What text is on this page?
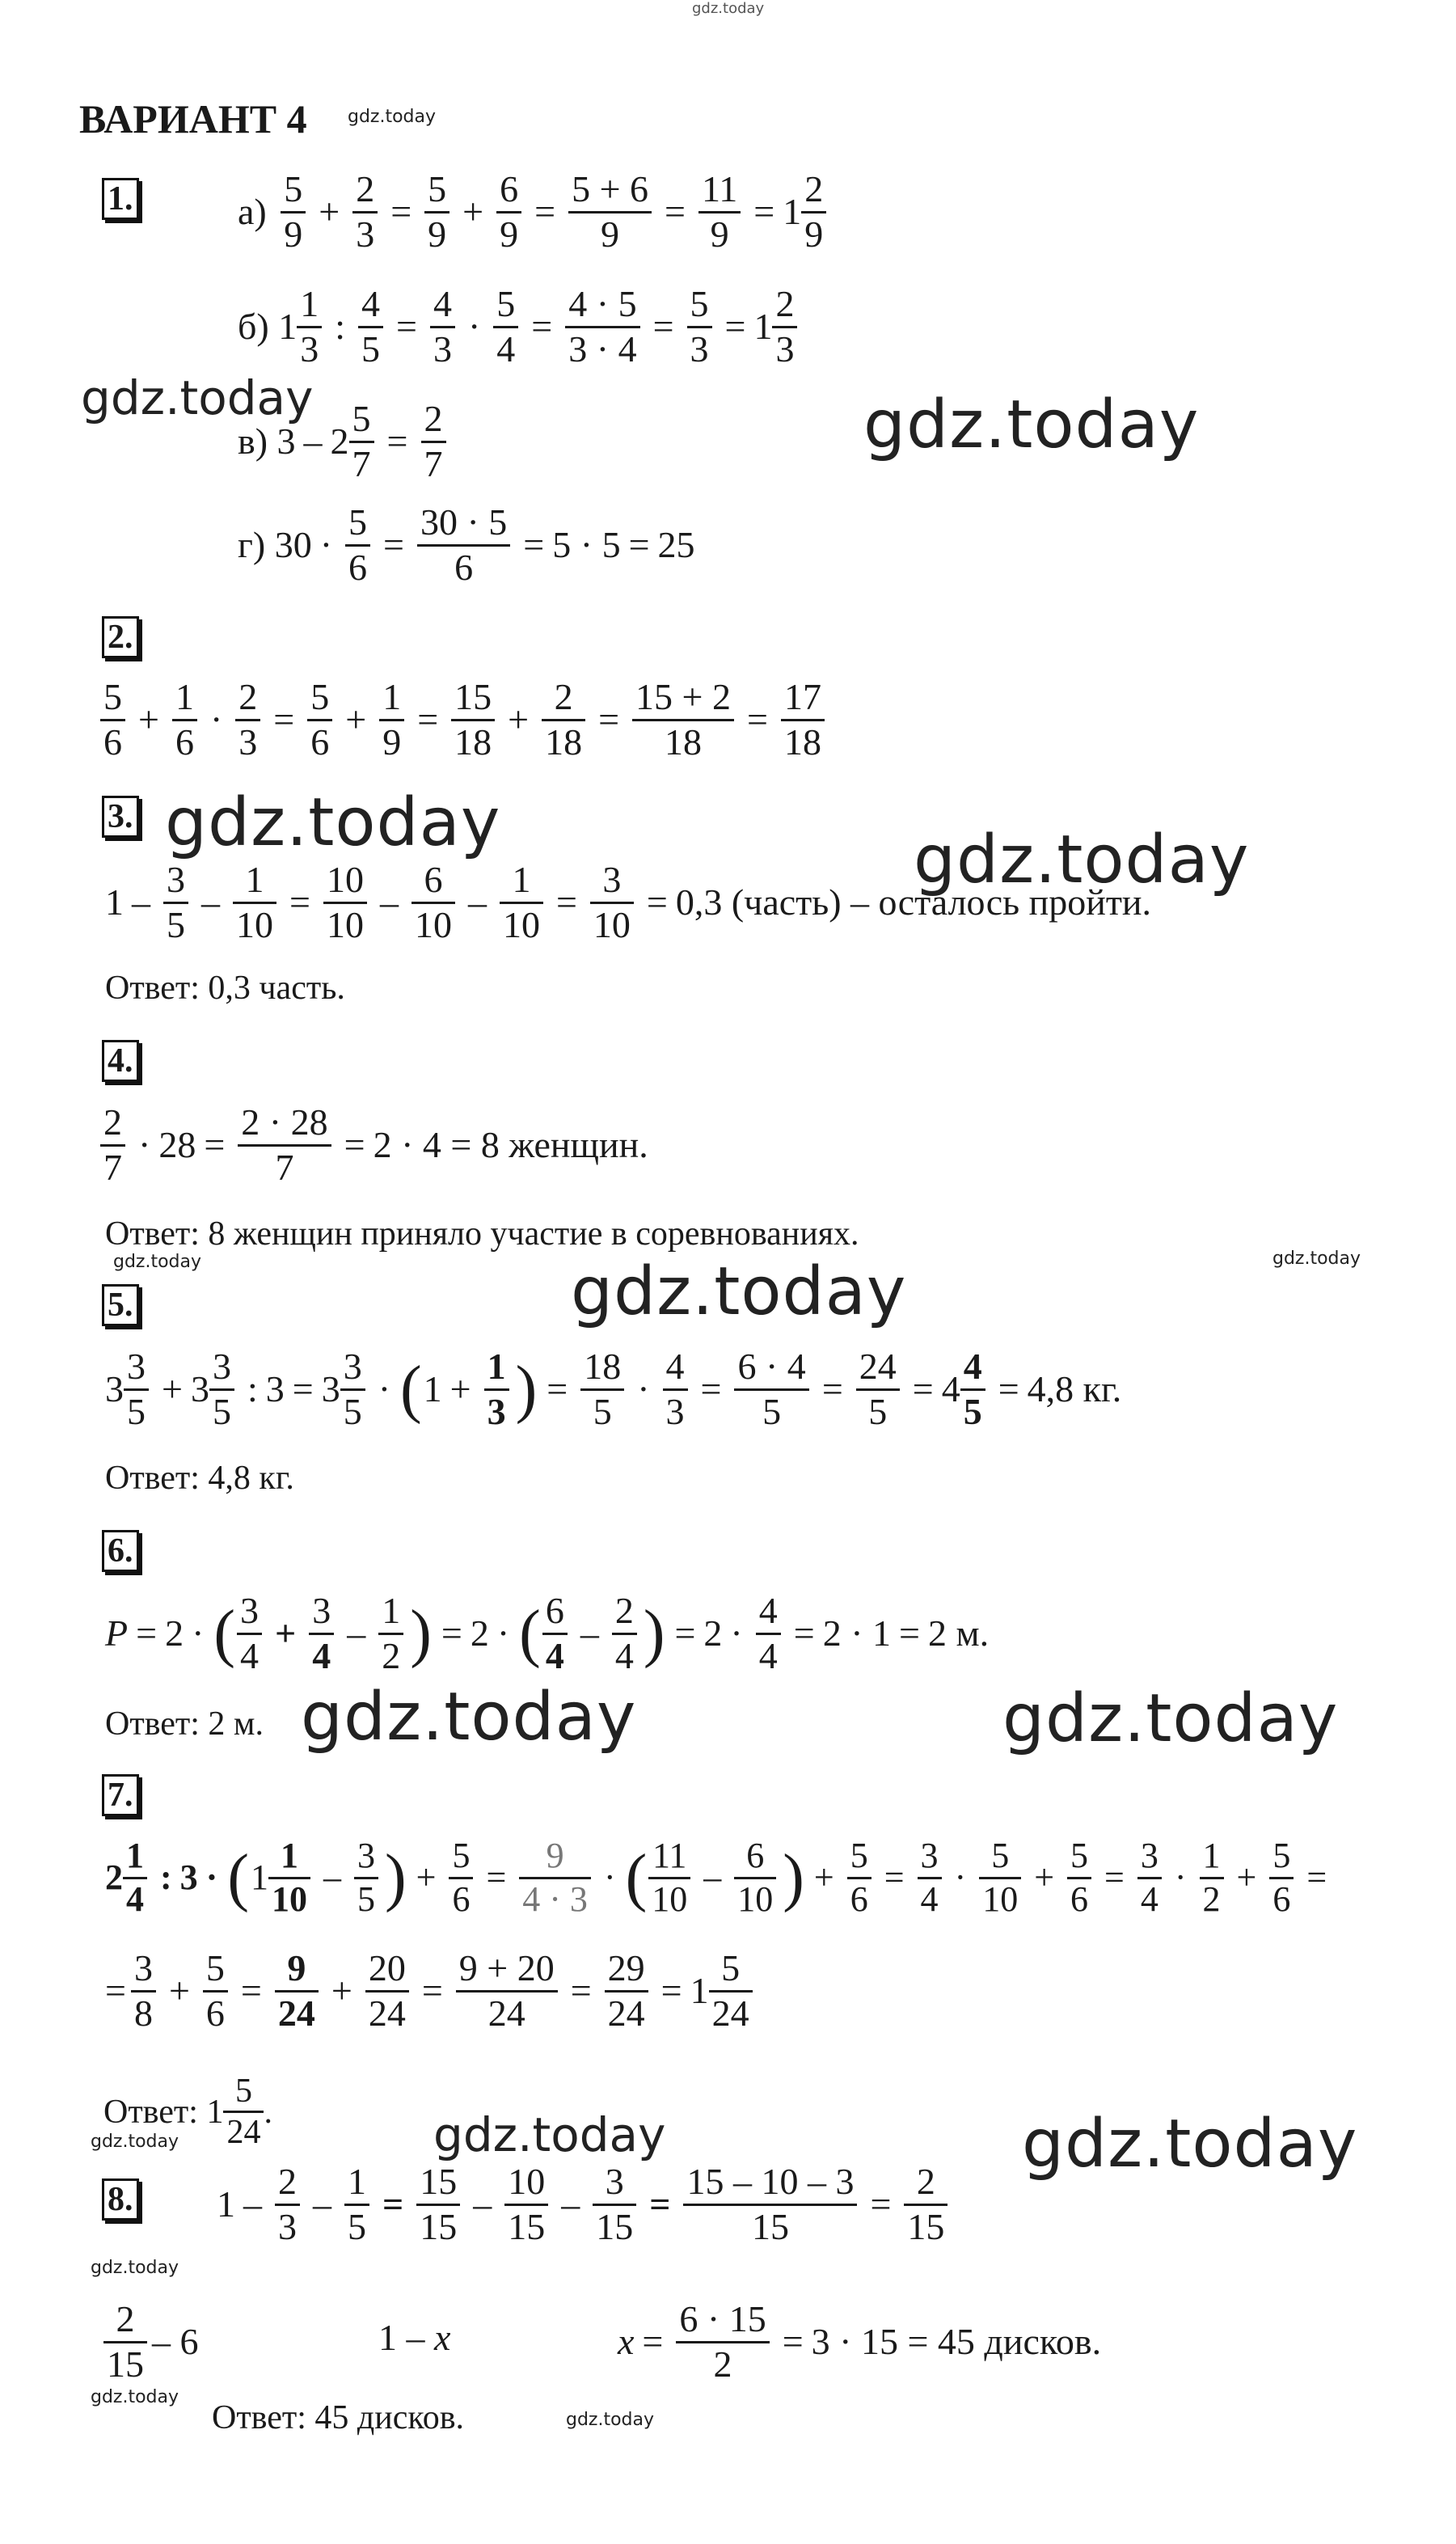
gdz.today
gdz.today
gdz.today	gdz.today
gdz.today	gdz.today
gdz.today	gdz.today
gdz.today
gdz.today	gdz.today
gdz.today	gdz.today	gdz.today
gdz.today
gdz.today
gdz.today
ВАРИАНТ 4
1.	а)
$\frac{5}{9} + \frac{2}{3} = \frac{5}{9} + \frac{6}{9} = \frac{5 + 6}{9} = \frac{11}{9} = 1 \frac{2}{9}$
б)
$1 \frac{1}{3}$ : $\frac{4}{5} = \frac{4}{3} \cdot \frac{5}{4} = \frac{4 \cdot 5}{3 \cdot 4} = \frac{5}{3} = 1 \frac{2}{3}$
в)
$3 - 2 \frac{5}{7} = \frac{2}{7}$
г)
$30 \cdot \frac{5}{6} = \frac{30 \cdot 5}{6} = 5 \cdot 5 = 25$
2.
$\frac{5}{6} + \frac{1}{6} \cdot \frac{2}{3} = \frac{5}{6} + \frac{1}{9} = \frac{15}{18} + \frac{2}{18} = \frac{15 + 2}{18} = \frac{17}{18}$
3.
$1 - \frac{3}{5} - \frac{1}{10} = \frac{10}{10} - \frac{6}{10} - \frac{1}{10} = \frac{3}{10} = 0,3$ (часть) – осталось пройти.
Ответ: 0,3 часть.
4.
$\frac{2}{7} \cdot 28 = \frac{2 \cdot 28}{7} = 2 \cdot 4 = 8$ женщин.
Ответ: 8 женщин приняло участие в соревнованиях.
5.
$3 \frac{3}{5} + 3 \frac{3}{5}$ : $3 = 3 \frac{3}{5}$ · ( $1 + \frac{1}{3}$ ) = $\frac{18}{5} \cdot \frac{4}{3} = \frac{6 \cdot 4}{5} = \frac{24}{5} = 4 \frac{4}{5} = 4,8$ кг.
Ответ: 4,8 кг.
6.
P = 2 · ( $\frac{3}{4} + \frac{3}{4} - \frac{1}{2}$ ) = 2 · ( $\frac{6}{4} - \frac{2}{4}$ ) = $2 \cdot \frac{4}{4} = 2 \cdot 1 = 2$ м.
Ответ: 2 м.
7.
$2 \frac{1}{4}$ : 3 · ( $1 \frac{1}{10} - \frac{3}{5}$ ) + $\frac{5}{6} = \frac{9}{4 \cdot 3}$ · ( $\frac{11}{10} - \frac{6}{10}$ ) + $\frac{5}{6} = \frac{3}{4} \cdot \frac{5}{10} + \frac{5}{6} = \frac{3}{4} \cdot \frac{1}{2} + \frac{5}{6}$ =
= $\frac{3}{8} + \frac{5}{6} = \frac{9}{24} + \frac{20}{24} = \frac{9 + 20}{24} = \frac{29}{24} = 1 \frac{5}{24}$
Ответ:
$1 \frac{5}{24}$ .
8. $1 - \frac{2}{3} - \frac{1}{5} = \frac{15}{15} - \frac{10}{15} - \frac{3}{15} = \frac{15 - 10 - 3}{15} = \frac{2}{15}$
$\frac{2}{15} - 6$	1 –
x	$x = \frac{6 \cdot 15}{2} = 3 \cdot 15 = 45$ дисков.
Ответ: 45 дисков.
